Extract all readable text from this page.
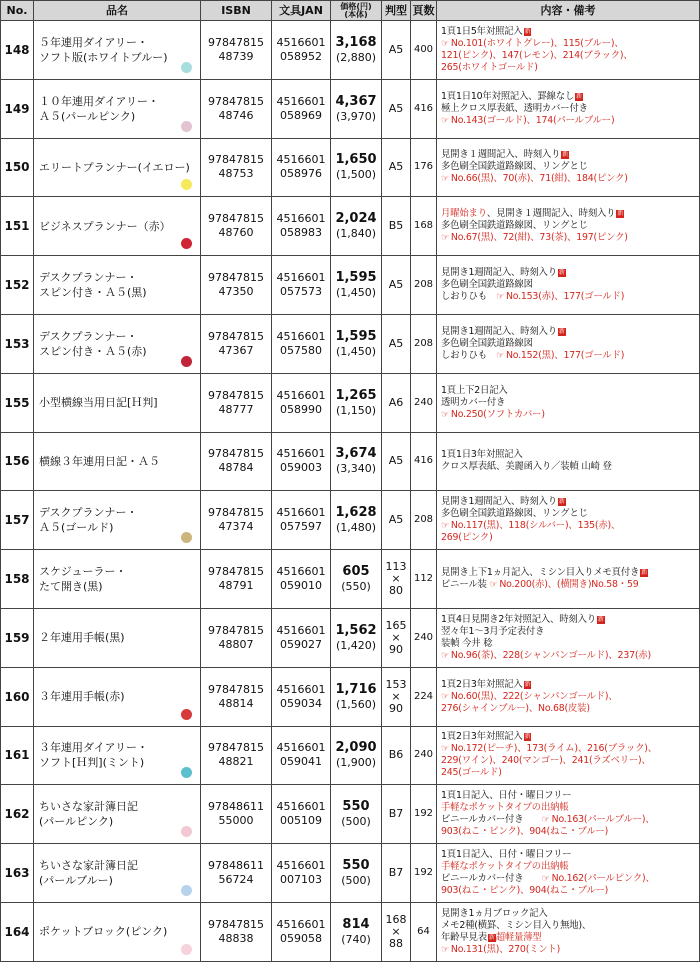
No.	品名	ISBN	文具JAN	価格(円)
(本体)	判型	頁数	内容・備考
148	５年連用ダイアリー・
ソフト版(ホワイトブルー)	97847815
48739	4516601
058952	3,168
(2,880)	A5	400	1頁1日5年対照記入 新
☞ No.101(ホワイトグレー)、115(ブルー)、
121(ピンク)、147(レモン)、214(ブラック)、
265(ホワイトゴールド)

149	１０年連用ダイアリー・
Ａ５(パールピンク)	97847815
48746	4516601
058969	4,367
(3,970)	A5	416	1頁1日10年対照記入、罫線なし 新
極上クロス厚表紙、透明カバー付き
☞ No.143(ゴールド)、174(パールブルー)

150	エリートプランナー(イエロー)	97847815
48753	4516601
058976	1,650
(1,500)	A5	176	見開き１週間記入、時刻入り 新
多色刷全国鉄道路線図、リングとじ
☞ No.66(黒)、70(赤)、71(紺)、184(ピンク)

151	ビジネスプランナー（赤）	97847815
48760	4516601
058983	2,024
(1,840)	B5	168	月曜始まり、見開き１週間記入、時刻入り 新
多色刷全国鉄道路線図、リングとじ
☞ No.67(黒)、72(紺)、73(茶)、197(ピンク)

152	デスクプランナー・
スピン付き・Ａ５(黒)	97847815
47350	4516601
057573	1,595
(1,450)	A5	208	見開き1週間記入、時刻入り 新
多色刷全国鉄道路線図
しおりひも　☞ No.153(赤)、177(ゴールド)

153	デスクプランナー・
スピン付き・Ａ５(赤)	97847815
47367	4516601
057580	1,595
(1,450)	A5	208	見開き1週間記入、時刻入り 新
多色刷全国鉄道路線図
しおりひも　☞ No.152(黒)、177(ゴールド)

155	小型横線当用日記[Ｈ判]	97847815
48777	4516601
058990	1,265
(1,150)	A6	240	1頁上下2日記入
透明カバー付き
☞ No.250(ソフトカバー)

156	横線３年連用日記・Ａ５	97847815
48784	4516601
059003	3,674
(3,340)	A5	416	1頁1日3年対照記入
クロス厚表紙、美麗函入り／装幀 山崎 登

157	デスクプランナー・
Ａ５(ゴールド)	97847815
47374	4516601
057597	1,628
(1,480)	A5	208	見開き1週間記入、時刻入り 新
多色刷全国鉄道路線図、リングとじ
☞ No.117(黒)、118(シルバー)、135(赤)、
269(ピンク)

158	スケジューラー・
たて開き(黒)	97847815
48791	4516601
059010	605
(550)	113
×
80	112	見開き上下1ヵ月記入、ミシン目入りメモ頁付き 新
ビニール装 ☞ No.200(赤)、(横開き)No.58・59

159	２年連用手帳(黒)	97847815
48807	4516601
059027	1,562
(1,420)	165
×
90	240	1頁4日見開き2年対照記入、時刻入り 新
翌々年1〜3月予定表付き
装幀 今井 稔
☞ No.96(茶)、228(シャンパンゴールド)、237(赤)

160	３年連用手帳(赤)	97847815
48814	4516601
059034	1,716
(1,560)	153
×
90	224	1頁2日3年対照記入 新
☞ No.60(黒)、222(シャンパンゴールド)、
276(シャインブルー)、No.68(皮装)

161	３年連用ダイアリー・
ソフト[Ｈ判](ミント)	97847815
48821	4516601
059041	2,090
(1,900)	B6	240	1頁2日3年対照記入 新
☞ No.172(ピーチ)、173(ライム)、216(ブラック)、
229(ワイン)、240(マンゴー)、241(ラズベリー)、
245(ゴールド)

162	ちいさな家計簿日記
(パールピンク)	97848611
55000	4516601
005109	550
(500)	B7	192	1頁1日記入、日付・曜日フリー
手軽なポケットタイプの出納帳
ビニールカバー付き　　☞ No.163(パールブルー)、
903(ねこ・ピンク)、904(ねこ・ブルー)

163	ちいさな家計簿日記
(パールブルー)	97848611
56724	4516601
007103	550
(500)	B7	192	1頁1日記入、日付・曜日フリー
手軽なポケットタイプの出納帳
ビニールカバー付き　　☞ No.162(パールピンク)、
903(ねこ・ピンク)、904(ねこ・ブルー)

164	ポケットブロック(ピンク)	97847815
48838	4516601
059058	814
(740)	168
×
88	64	見開き1ヵ月ブロック記入
メモ2種(横罫、ミシン目入り無地)、
年齢早見表 新超軽量薄型
☞ No.131(黒)、270(ミント)
